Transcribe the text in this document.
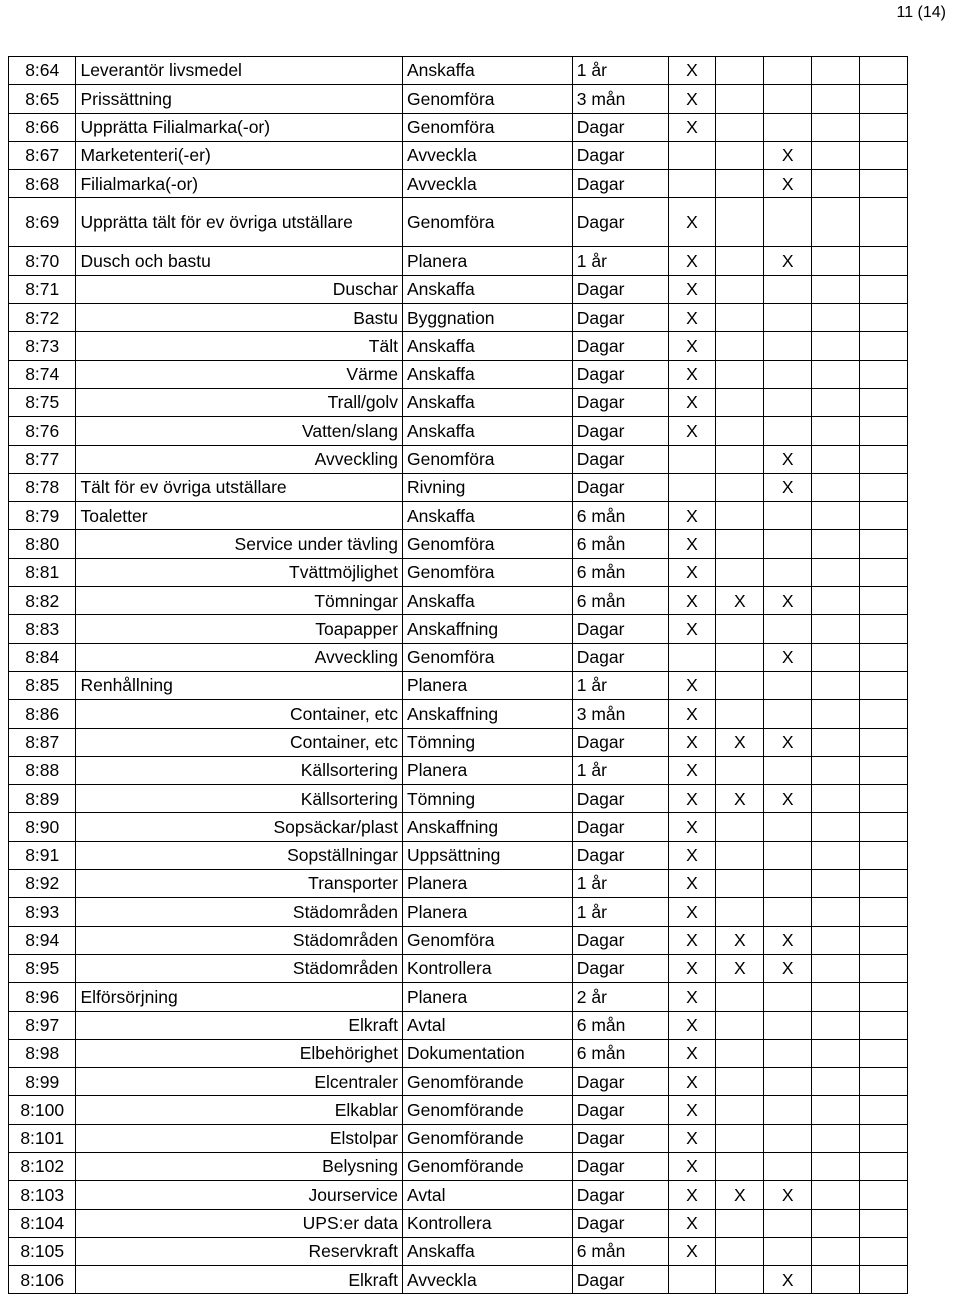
11 (14)
8:64	Leverantör livsmedel	Anskaffa	1 år	X				
8:65	Prissättning	Genomföra	3 mån	X				
8:66	Upprätta Filialmarka(-or)	Genomföra	Dagar	X				
8:67	Marketenteri(-er)	Avveckla	Dagar			X		
8:68	Filialmarka(-or)	Avveckla	Dagar			X		
8:69	Upprätta tält för ev övriga utställare	Genomföra	Dagar	X				
8:70	Dusch och bastu	Planera	1 år	X		X		
8:71	Duschar	Anskaffa	Dagar	X				
8:72	Bastu	Byggnation	Dagar	X				
8:73	Tält	Anskaffa	Dagar	X				
8:74	Värme	Anskaffa	Dagar	X				
8:75	Trall/golv	Anskaffa	Dagar	X				
8:76	Vatten/slang	Anskaffa	Dagar	X				
8:77	Avveckling	Genomföra	Dagar			X		
8:78	Tält för ev övriga utställare	Rivning	Dagar			X		
8:79	Toaletter	Anskaffa	6 mån	X				
8:80	Service under tävling	Genomföra	6 mån	X				
8:81	Tvättmöjlighet	Genomföra	6 mån	X				
8:82	Tömningar	Anskaffa	6 mån	X	X	X		
8:83	Toapapper	Anskaffning	Dagar	X				
8:84	Avveckling	Genomföra	Dagar			X		
8:85	Renhållning	Planera	1 år	X				
8:86	Container, etc	Anskaffning	3 mån	X				
8:87	Container, etc	Tömning	Dagar	X	X	X		
8:88	Källsortering	Planera	1 år	X				
8:89	Källsortering	Tömning	Dagar	X	X	X		
8:90	Sopsäckar/plast	Anskaffning	Dagar	X				
8:91	Sopställningar	Uppsättning	Dagar	X				
8:92	Transporter	Planera	1 år	X				
8:93	Städområden	Planera	1 år	X				
8:94	Städområden	Genomföra	Dagar	X	X	X		
8:95	Städområden	Kontrollera	Dagar	X	X	X		
8:96	Elförsörjning	Planera	2 år	X				
8:97	Elkraft	Avtal	6 mån	X				
8:98	Elbehörighet	Dokumentation	6 mån	X				
8:99	Elcentraler	Genomförande	Dagar	X				
8:100	Elkablar	Genomförande	Dagar	X				
8:101	Elstolpar	Genomförande	Dagar	X				
8:102	Belysning	Genomförande	Dagar	X				
8:103	Jourservice	Avtal	Dagar	X	X	X		
8:104	UPS:er data	Kontrollera	Dagar	X				
8:105	Reservkraft	Anskaffa	6 mån	X				
8:106	Elkraft	Avveckla	Dagar			X		
